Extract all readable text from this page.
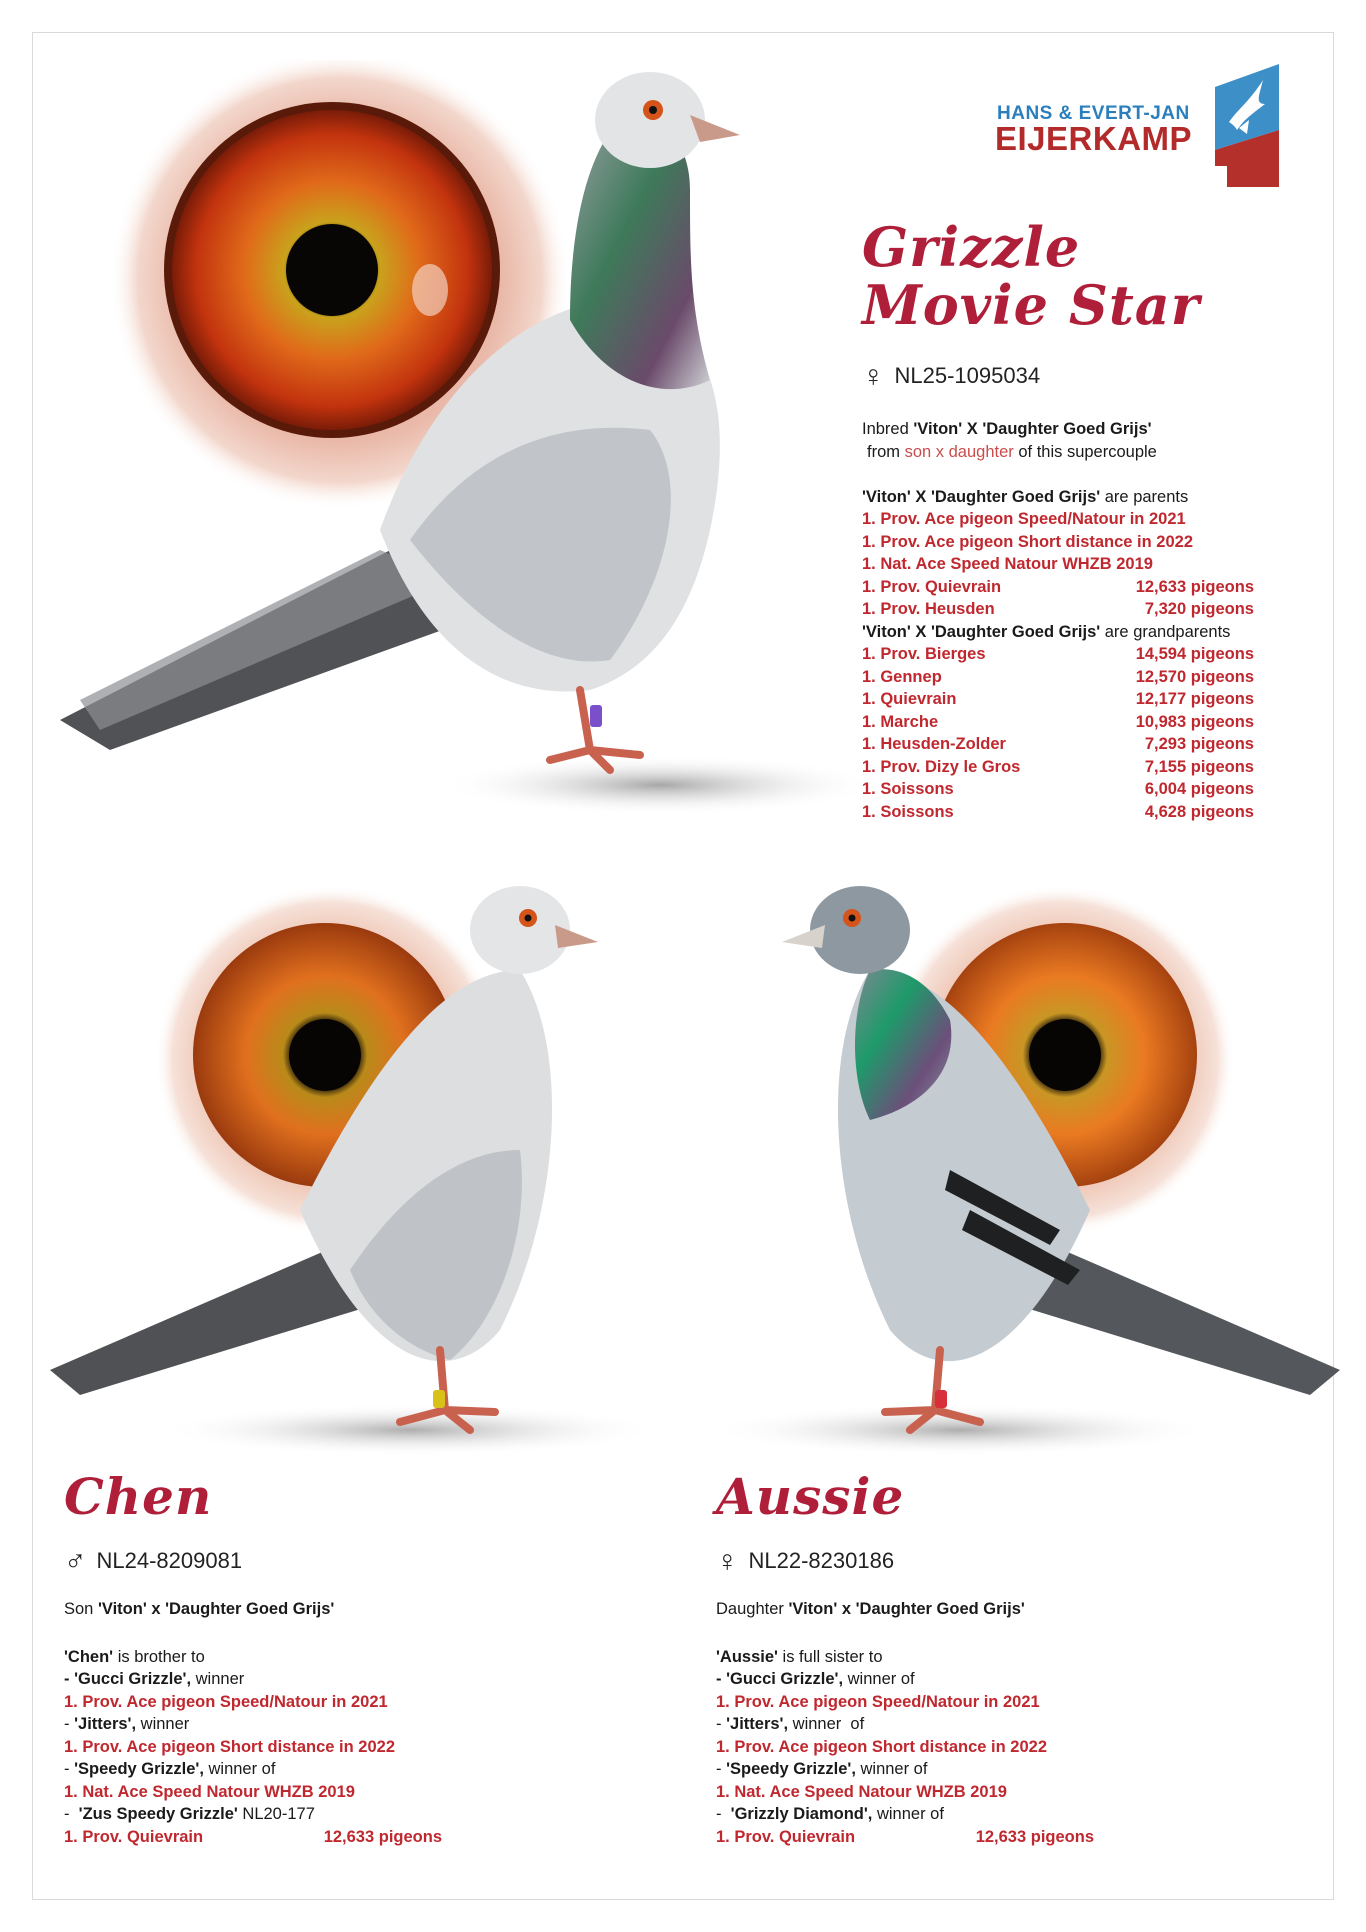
HANS & EVERT-JAN
EIJERKAMP
Grizzle Movie Star
♀ NL25-1095034
Inbred 'Viton' X 'Daughter Goed Grijs'
from son x daughter of this supercouple
'Viton' X 'Daughter Goed Grijs' are parents
1. Prov. Ace pigeon Speed/Natour in 2021
1. Prov. Ace pigeon Short distance in 2022
1. Nat. Ace Speed Natour WHZB 2019
1. Prov. Quievrain	12,633 pigeons
1. Prov. Heusden	7,320 pigeons
'Viton' X 'Daughter Goed Grijs' are grandparents
1. Prov. Bierges	14,594 pigeons
1. Gennep	12,570 pigeons
1. Quievrain	12,177 pigeons
1. Marche	10,983 pigeons
1. Heusden-Zolder	7,293 pigeons
1. Prov. Dizy le Gros	7,155 pigeons
1. Soissons	6,004 pigeons
1. Soissons	4,628 pigeons
Chen
♂ NL24-8209081
Son 'Viton' x 'Daughter Goed Grijs'
'Chen' is brother to
- 'Gucci Grizzle', winner
1. Prov. Ace pigeon Speed/Natour in 2021
- 'Jitters', winner
1. Prov. Ace pigeon Short distance in 2022
- 'Speedy Grizzle', winner of
1. Nat. Ace Speed Natour WHZB 2019
-  'Zus Speedy Grizzle' NL20-177
1. Prov. Quievrain	12,633 pigeons
Aussie
♀ NL22-8230186
Daughter 'Viton' x 'Daughter Goed Grijs'
'Aussie' is full sister to
- 'Gucci Grizzle', winner of
1. Prov. Ace pigeon Speed/Natour in 2021
- 'Jitters', winner  of
1. Prov. Ace pigeon Short distance in 2022
- 'Speedy Grizzle', winner of
1. Nat. Ace Speed Natour WHZB 2019
-  'Grizzly Diamond', winner of
1. Prov. Quievrain	12,633 pigeons
